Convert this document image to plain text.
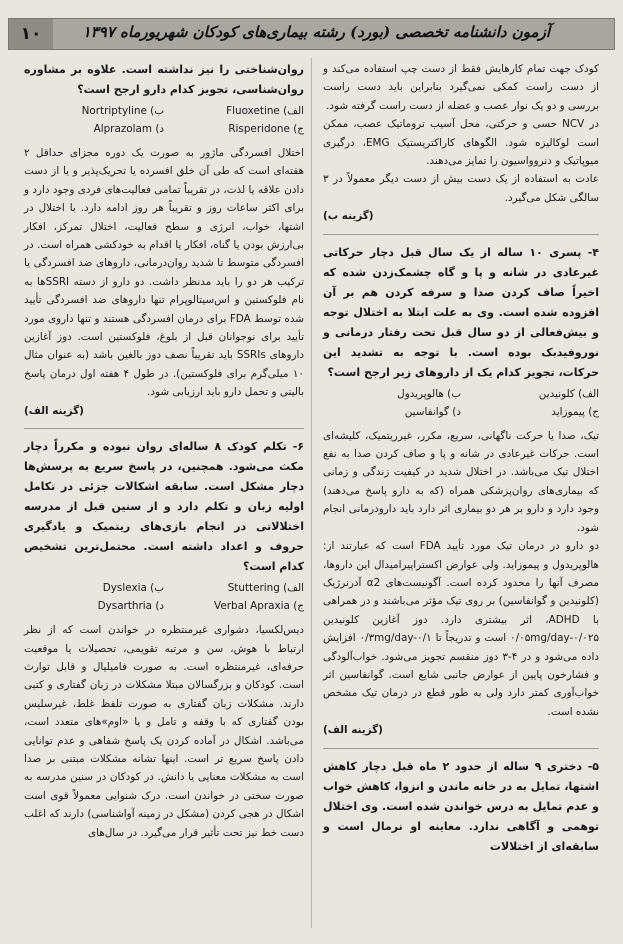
۱۰	آزمون دانشنامه تخصصی (بورد) رشته بیماری‌های کودکان شهریورماه ۱۳۹۷

کودک جهت تمام کارهایش فقط از دست چپ استفاده می‌کند و از دست راست کمکی نمی‌گیرد بنابراین باید دست راست بررسی و دو یک نوار عصب و عضله از دست راست گرفته شود.

در NCV حسی و حرکتی، محل آسیب تروماتیک عصب، ممکن است لوکالیزه شود. الگوهای کاراکتریستیک EMG، درگیری میوپاتیک و دنروواسیون را تمایز می‌دهند.

عادت به استفاده از یک دست بیش از دست دیگر معمولاً در ۳ سالگی شکل می‌گیرد.

(گزینه ب)

۴- پسری ۱۰ ساله از یک سال قبل دچار حرکاتی غیرعادی در شانه و پا و گاه چشمک‌زدن شده که اخیراً صاف کردن صدا و سرفه کردن هم بر آن افزوده شده است. وی به علت ابتلا به اختلال توجه و بیش‌فعالی از دو سال قبل تحت رفتار درمانی و نوروفیدبک بوده است. با توجه به تشدید این حرکات، تجویز کدام یک از داروهای زیر ارجح است؟

الف) کلونیدین

ب) هالوپریدول

ج) پیموزاید

د) گوانفاسین

تیک، صدا یا حرکت ناگهانی، سریع، مکرر، غیرریتمیک، کلیشه‌ای است. حرکات غیرعادی در شانه و پا و صاف کردن صدا به نفع اختلال تیک می‌باشد. در اختلال شدید در کیفیت زندگی و زمانی که بیماری‌های روان‌پزشکی همراه (که به دارو پاسخ می‌دهند) وجود دارد و دارو بر هر دو بیماری اثر دارد باید دارودرمانی انجام شود.

دو دارو در درمان تیک مورد تأیید FDA است که عبارتند از: هالوپریدول و پیموزاید. ولی عوارض اکستراپیرامیدال این داروها، مصرف آنها را محدود کرده است. آگونیست‌های α2 آدرنرژیک (کلونیدین و گوانفاسین) بر روی تیک مؤثر می‌باشند و در همراهی با ADHD، اثر بیشتری دارد. دوز آغازین کلونیدین ۰/۰۵mg/day-۰/۰۲۵ است و تدریجاً تا ۰/۳mg/day-۰/۱ افزایش داده می‌شود و در ۴-۳ دوز منقسم تجویز می‌شود. خواب‌آلودگی و فشارخون پایین از عوارض جانبی شایع است. گوانفاسین اثر خواب‌آوری کمتر دارد ولی به طور قطع در درمان تیک مشخص نشده است.

(گزینه الف)

۵- دختری ۹ ساله از حدود ۲ ماه قبل دچار کاهش اشتها، تمایل به در خانه ماندن و انزوا، کاهش خواب و عدم تمایل به درس خواندن شده است. وی اختلال توهمی و آگاهی ندارد. معاینه او نرمال است و سابقه‌ای از اختلالات

روان‌شناختی را نیز نداشته است. علاوه بر مشاوره روان‌شناسی، تجویز کدام دارو ارجح است؟

الف) Fluoxetine

ب) Nortriptyline

ج) Risperidone

د) Alprazolam

اختلال افسردگی ماژور به صورت یک دوره مجزای حداقل ۲ هفته‌ای است که طی آن خلق افسرده یا تحریک‌پذیر و یا از دست دادن علاقه یا لذت، در تقریباً تمامی فعالیت‌های فردی وجود دارد و برای اکثر ساعات روز و تقریباً هر روز ادامه دارد. با اختلال در اشتها، خواب، انرژی و سطح فعالیت، اختلال تمرکز، افکار بی‌ارزش بودن یا گناه، افکار یا اقدام به خودکشی همراه است. در افسردگی متوسط تا شدید روان‌درمانی، داروهای ضد افسردگی یا ترکیب هر دو را باید مدنظر داشت. دو دارو از دسته SSRIها به نام فلوکستین و اس‌سیتالوپرام تنها داروهای ضد افسردگی تأیید شده توسط FDA برای درمان افسردگی هستند و تنها داروی مورد تأیید برای نوجوانان قبل از بلوغ، فلوکستین است. دوز آغازین داروهای SSRIs باید تقریباً نصف دوز بالغین باشد (به عنوان مثال ۱۰ میلی‌گرم برای فلوکستین). در طول ۴ هفته اول درمان پاسخ بالینی و تحمل دارو باید ارزیابی شود.

(گزینه الف)

۶- تکلم کودک ۸ ساله‌ای روان نبوده و مکرراً دچار مکث می‌شود. همچنین، در پاسخ سریع به پرسش‌ها دچار مشکل است. سابقه اشکالات جزئی در تکامل اولیه زبان و تکلم دارد و از سنین قبل از مدرسه اختلالاتی در انجام بازی‌های ریتمیک و یادگیری حروف و اعداد داشته است. محتمل‌ترین تشخیص کدام است؟

الف) Stuttering

ب) Dyslexia

ج) Verbal Apraxia

د) Dysarthria

دیس‌لکسیا، دشواری غیرمنتظره در خواندن است که از نظر ارتباط با هوش، سن و مرتبه تقویمی، تحصیلات یا موقعیت حرفه‌ای، غیرمنتظره است. به صورت فامیلیال و قابل توارث است. کودکان و بزرگسالان مبتلا مشکلات در زبان گفتاری و کتبی دارند. مشکلات زبان گفتاری به صورت تلفظ غلط، غیرسلیس بودن گفتاری که با وقفه و تامل و یا «اوم»های متعدد است، می‌باشد. اشکال در آماده کردن یک پاسخ شفاهی و عدم توانایی دادن پاسخ سریع تر است. اینها تشانه مشکلات مبتنی بر صدا است به مشکلات معنایی یا دانش. در کودکان در سنین مدرسه به صورت سختی در خواندن است. درک شنوایی معمولاً قوی است اشکال در هجی کردن (مشکل در زمینه آواشناسی) دارند که اغلب دست خط نیز تحت تأثیر قرار می‌گیرد. در سال‌های
